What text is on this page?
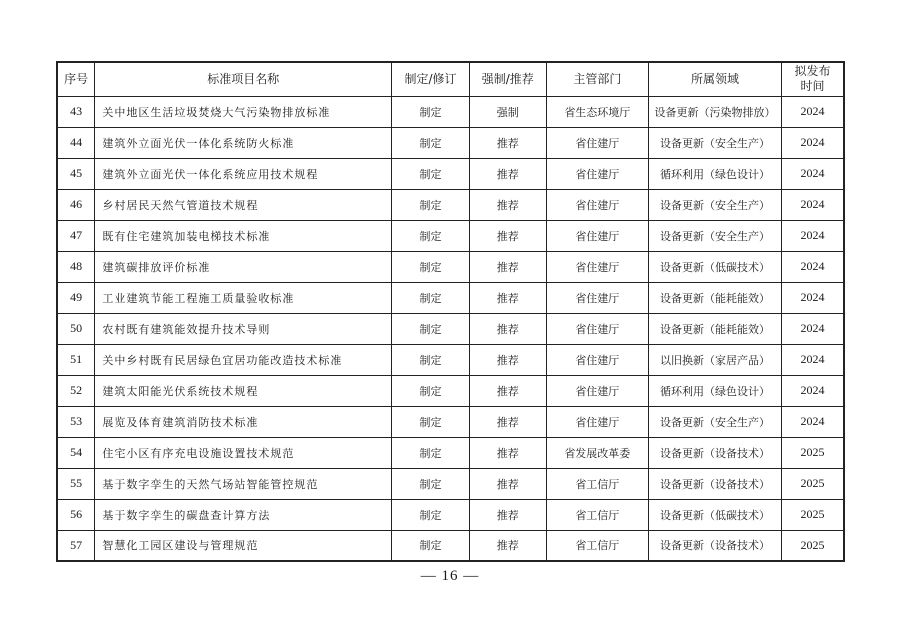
序号	标准项目名称	制定/修订	强制/推荐	主管部门	所属领域	拟发布
时间

43	关中地区生活垃圾焚烧大气污染物排放标准	制定	强制	省生态环境厅	设备更新（污染物排放）	2024
44	建筑外立面光伏一体化系统防火标准	制定	推荐	省住建厅	设备更新（安全生产）	2024
45	建筑外立面光伏一体化系统应用技术规程	制定	推荐	省住建厅	循环利用（绿色设计）	2024
46	乡村居民天然气管道技术规程	制定	推荐	省住建厅	设备更新（安全生产）	2024
47	既有住宅建筑加装电梯技术标准	制定	推荐	省住建厅	设备更新（安全生产）	2024
48	建筑碳排放评价标准	制定	推荐	省住建厅	设备更新（低碳技术）	2024
49	工业建筑节能工程施工质量验收标准	制定	推荐	省住建厅	设备更新（能耗能效）	2024
50	农村既有建筑能效提升技术导则	制定	推荐	省住建厅	设备更新（能耗能效）	2024
51	关中乡村既有民居绿色宜居功能改造技术标准	制定	推荐	省住建厅	以旧换新（家居产品）	2024
52	建筑太阳能光伏系统技术规程	制定	推荐	省住建厅	循环利用（绿色设计）	2024
53	展览及体育建筑消防技术标准	制定	推荐	省住建厅	设备更新（安全生产）	2024
54	住宅小区有序充电设施设置技术规范	制定	推荐	省发展改革委	设备更新（设备技术）	2025
55	基于数字孪生的天然气场站智能管控规范	制定	推荐	省工信厅	设备更新（设备技术）	2025
56	基于数字孪生的碳盘查计算方法	制定	推荐	省工信厅	设备更新（低碳技术）	2025
57	智慧化工园区建设与管理规范	制定	推荐	省工信厅	设备更新（设备技术）	2025
— 16 —
